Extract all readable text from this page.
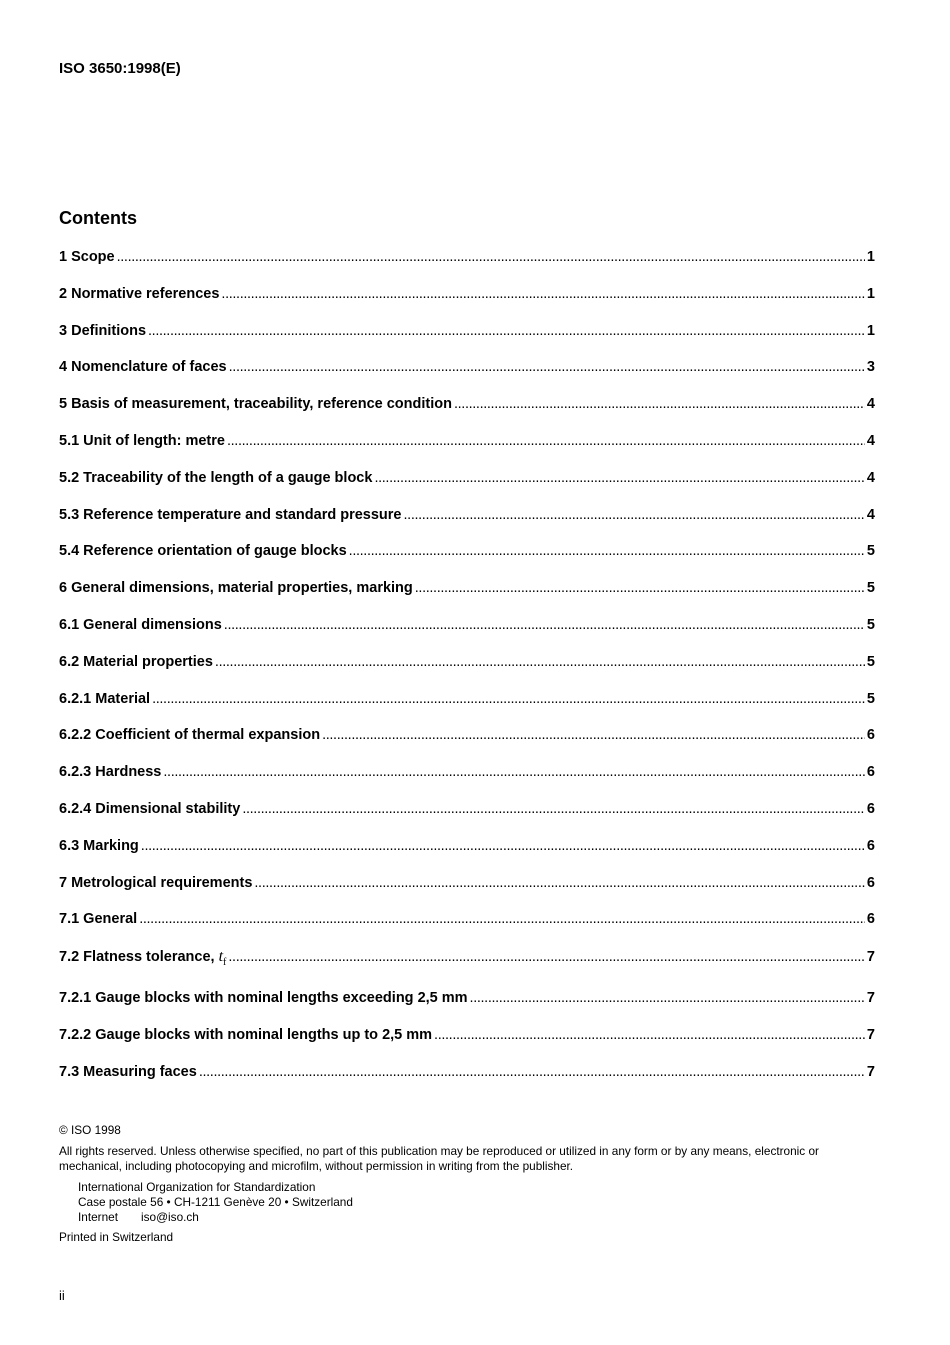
ISO 3650:1998(E)
Contents
1 Scope . . .	1
2 Normative references . . .	1
3 Definitions . . .	1
4 Nomenclature of faces . . .	3
5 Basis of measurement, traceability, reference condition . . .	4
5.1 Unit of length: metre . . .	4
5.2 Traceability of the length of a gauge block . . .	4
5.3 Reference temperature and standard pressure . . .	4
5.4 Reference orientation of gauge blocks . . .	5
6 General dimensions, material properties, marking . . .	5
6.1 General dimensions . . .	5
6.2 Material properties . . .	5
6.2.1 Material . . .	5
6.2.2 Coefficient of thermal expansion . . .	6
6.2.3 Hardness . . .	6
6.2.4 Dimensional stability . . .	6
6.3 Marking . . .	6
7 Metrological requirements . . .	6
7.1 General . . .	6
7.2 Flatness tolerance, $t_f$ . . .	7
7.2.1 Gauge blocks with nominal lengths exceeding 2,5 mm . . .	7
7.2.2 Gauge blocks with nominal lengths up to 2,5 mm . . .	7
7.3 Measuring faces . . .	7

© ISO 1998

All rights reserved. Unless otherwise specified, no part of this publication may be reproduced or utilized in any form or by any means, electronic or mechanical, including photocopying and microfilm, without permission in writing from the publisher.

International Organization for Standardization

Case postale 56 • CH-1211 Genève 20 • Switzerland

Internet iso@iso.ch

Printed in Switzerland

ii
